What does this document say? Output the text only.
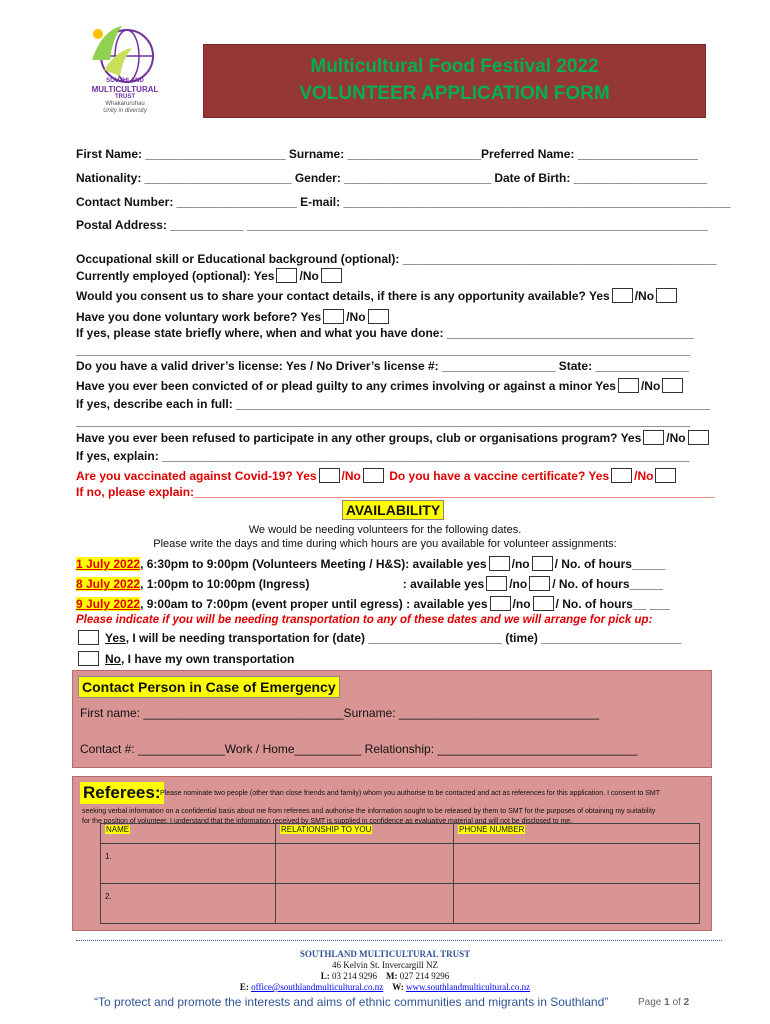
SOUTHLAND
MULTICULTURAL
TRUST
Whakaruruhau
Unity in diversity
Multicultural Food Festival 2022
VOLUNTEER APPLICATION FORM
First Name: _____________________ Surname: ____________________Preferred Name: __________________
Nationality: ______________________ Gender: ______________________ Date of Birth: ____________________
Contact Number: __________________ E-mail: __________________________________________________________
Postal Address: ___________ _____________________________________________________________________
Occupational skill or Educational background (optional): _______________________________________________
Currently employed (optional): Yes /No
Would you consent us to share your contact details, if there is any opportunity available? Yes /No
Have you done voluntary work before? Yes /No
If yes, please state briefly where, when and what you have done: _____________________________________
____________________________________________________________________________________________
Do you have a valid driver’s license: Yes / No Driver’s license #: _________________ State: ______________
Have you ever been convicted of or plead guilty to any crimes involving or against a minor Yes /No
If yes, describe each in full: _______________________________________________________________________
____________________________________________________________________________________________
Have you ever been refused to participate in any other groups, club or organisations program? Yes /No
If yes, explain: _______________________________________________________________________________
Are you vaccinated against Covid-19? Yes /No Do you have a vaccine certificate? Yes /No
If no, please explain:______________________________________________________________________________
AVAILABILITY
We would be needing volunteers for the following dates.
Please write the days and time during which hours are you available for volunteer assignments:
1 July 2022, 6:30pm to 9:00pm (Volunteers Meeting / H&S): available yes /no / No. of hours_____
8 July 2022, 1:00pm to 10:00pm (Ingress)                            : available yes /no / No. of hours_____
9 July 2022, 9:00am to 7:00pm (event proper until egress) : available yes /no / No. of hours__ ___
Please indicate if you will be needing transportation to any of these dates and we will arrange for pick up:
Yes, I will be needing transportation for (date) ____________________ (time) _____________________
No, I have my own transportation
Contact Person in Case of Emergency
First name: ______________________________Surname: ______________________________
Contact #: _____________Work / Home__________ Relationship: ______________________________
Referees: Please nominate two people (other than close friends and family) whom you authorise to be contacted and act as references for this application. I consent to SMT
seeking verbal information on a confidential basis about me from referees and authorise the information sought to be released by them to SMT for the purposes of obtaining my suitability
for the position of volunteer. I understand that the information received by SMT is supplied in confidence as evaluative material and will not be disclosed to me.
NAME	RELATIONSHIP TO YOU	PHONE NUMBER
1.		
2.		
SOUTHLAND MULTICULTURAL TRUST
46 Kelvin St. Invercargill NZ
L: 03 214 9296 M: 027 214 9296
E: office@southlandmulticultural.co.nz W: www.southlandmulticultural.co.nz
“To protect and promote the interests and aims of ethnic communities and migrants in Southland”	Page 1 of 2
